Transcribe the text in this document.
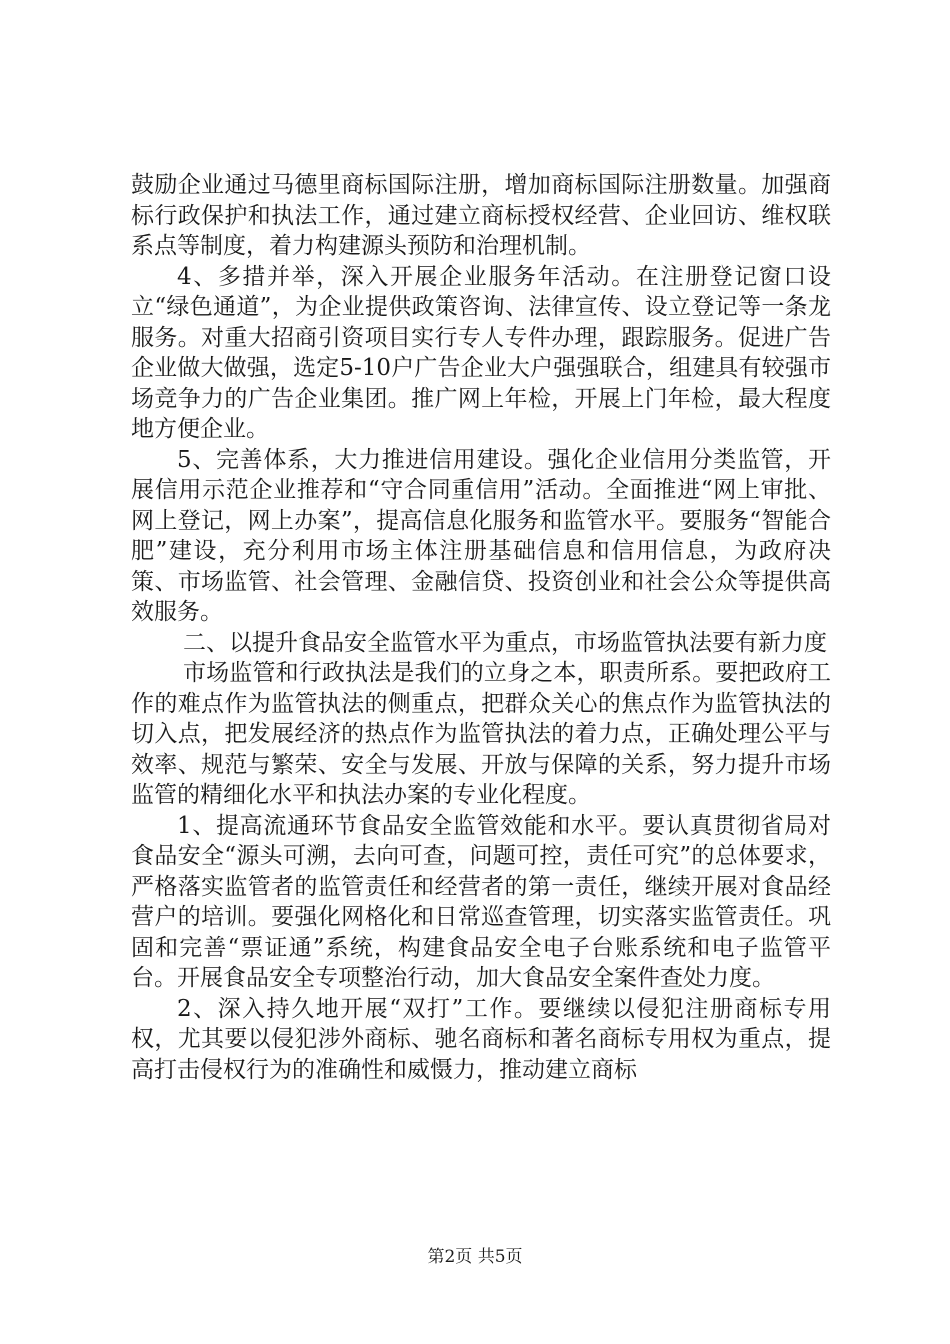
鼓励企业通过马德里商标国际注册，增加商标国际注册数量。加强商标行政保护和执法工作，通过建立商标授权经营、企业回访、维权联系点等制度，着力构建源头预防和治理机制。

4、多措并举，深入开展企业服务年活动。在注册登记窗口设立“绿色通道”，为企业提供政策咨询、法律宣传、设立登记等一条龙服务。对重大招商引资项目实行专人专件办理，跟踪服务。促进广告企业做大做强，选定5-10户广告企业大户强强联合，组建具有较强市场竞争力的广告企业集团。推广网上年检，开展上门年检，最大程度地方便企业。

5、完善体系，大力推进信用建设。强化企业信用分类监管，开展信用示范企业推荐和“守合同重信用”活动。全面推进“网上审批、网上登记，网上办案”，提高信息化服务和监管水平。要服务“智能合肥”建设，充分利用市场主体注册基础信息和信用信息，为政府决策、市场监管、社会管理、金融信贷、投资创业和社会公众等提供高效服务。

二、以提升食品安全监管水平为重点，市场监管执法要有新力度

市场监管和行政执法是我们的立身之本，职责所系。要把政府工作的难点作为监管执法的侧重点，把群众关心的焦点作为监管执法的切入点，把发展经济的热点作为监管执法的着力点，正确处理公平与效率、规范与繁荣、安全与发展、开放与保障的关系，努力提升市场监管的精细化水平和执法办案的专业化程度。

1、提高流通环节食品安全监管效能和水平。要认真贯彻省局对食品安全“源头可溯，去向可查，问题可控，责任可究”的总体要求，严格落实监管者的监管责任和经营者的第一责任，继续开展对食品经营户的培训。要强化网格化和日常巡查管理，切实落实监管责任。巩固和完善“票证通”系统，构建食品安全电子台账系统和电子监管平台。开展食品安全专项整治行动，加大食品安全案件查处力度。

2、深入持久地开展“双打”工作。要继续以侵犯注册商标专用权，尤其要以侵犯涉外商标、驰名商标和著名商标专用权为重点，提高打击侵权行为的准确性和威慑力，推动建立商标

第2页 共5页
